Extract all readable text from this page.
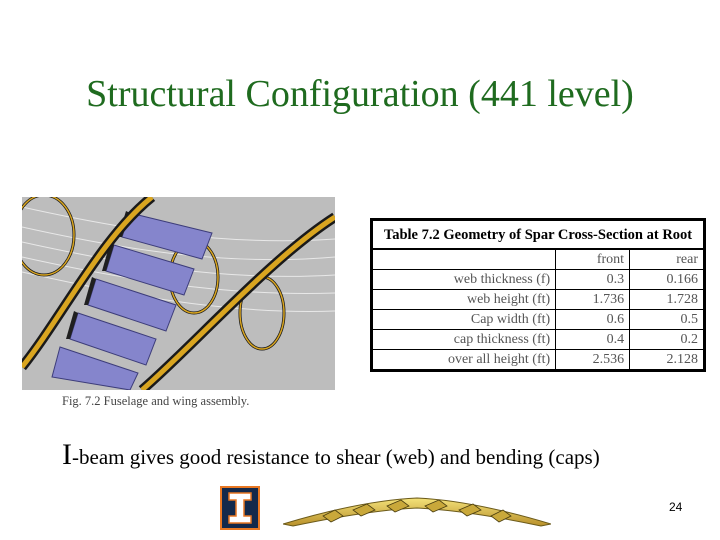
Structural Configuration (441 level)
Fig. 7.2 Fuselage and wing assembly.
Table 7.2 Geometry of Spar Cross-Section at Root		
	front	rear
web thickness (f)	0.3	0.166
web height (ft)	1.736	1.728
Cap width (ft)	0.6	0.5
cap thickness (ft)	0.4	0.2
over all height (ft)	2.536	2.128
I-beam gives good resistance to shear (web) and bending (caps)
24
